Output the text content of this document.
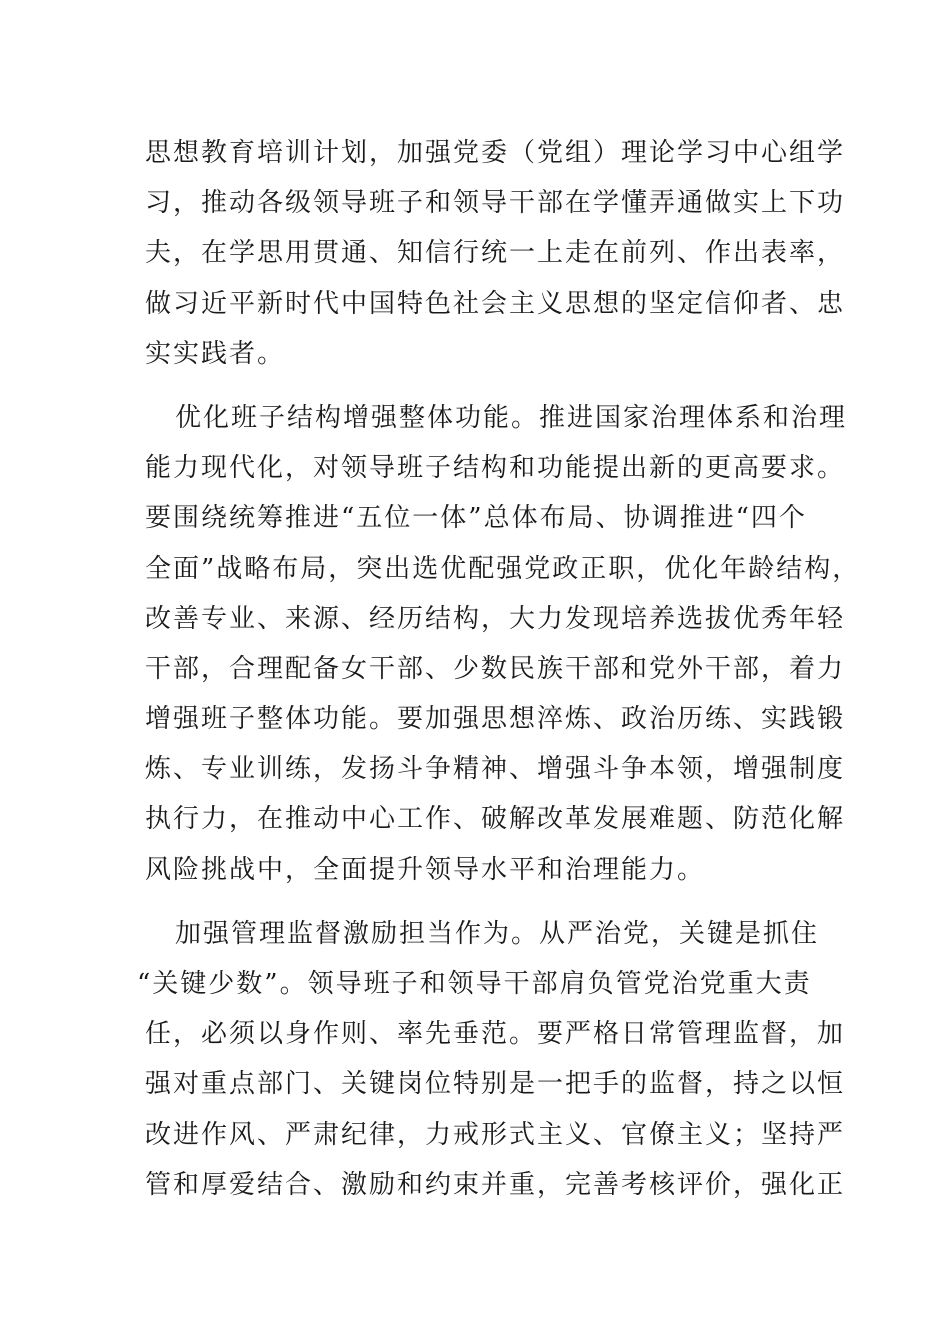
思想教育培训计划，加强党委（党组）理论学习中心组学
习，推动各级领导班子和领导干部在学懂弄通做实上下功
夫，在学思用贯通、知信行统一上走在前列、作出表率，
做习近平新时代中国特色社会主义思想的坚定信仰者、忠
实实践者。
优化班子结构增强整体功能。推进国家治理体系和治理
能力现代化，对领导班子结构和功能提出新的更高要求。
要围绕统筹推进“五位一体”总体布局、协调推进“四个
全面”战略布局，突出选优配强党政正职，优化年龄结构，
改善专业、来源、经历结构，大力发现培养选拔优秀年轻
干部，合理配备女干部、少数民族干部和党外干部，着力
增强班子整体功能。要加强思想淬炼、政治历练、实践锻
炼、专业训练，发扬斗争精神、增强斗争本领，增强制度
执行力，在推动中心工作、破解改革发展难题、防范化解
风险挑战中，全面提升领导水平和治理能力。
加强管理监督激励担当作为。从严治党，关键是抓住
“关键少数”。领导班子和领导干部肩负管党治党重大责
任，必须以身作则、率先垂范。要严格日常管理监督，加
强对重点部门、关键岗位特别是一把手的监督，持之以恒
改进作风、严肃纪律，力戒形式主义、官僚主义；坚持严
管和厚爱结合、激励和约束并重，完善考核评价，强化正
